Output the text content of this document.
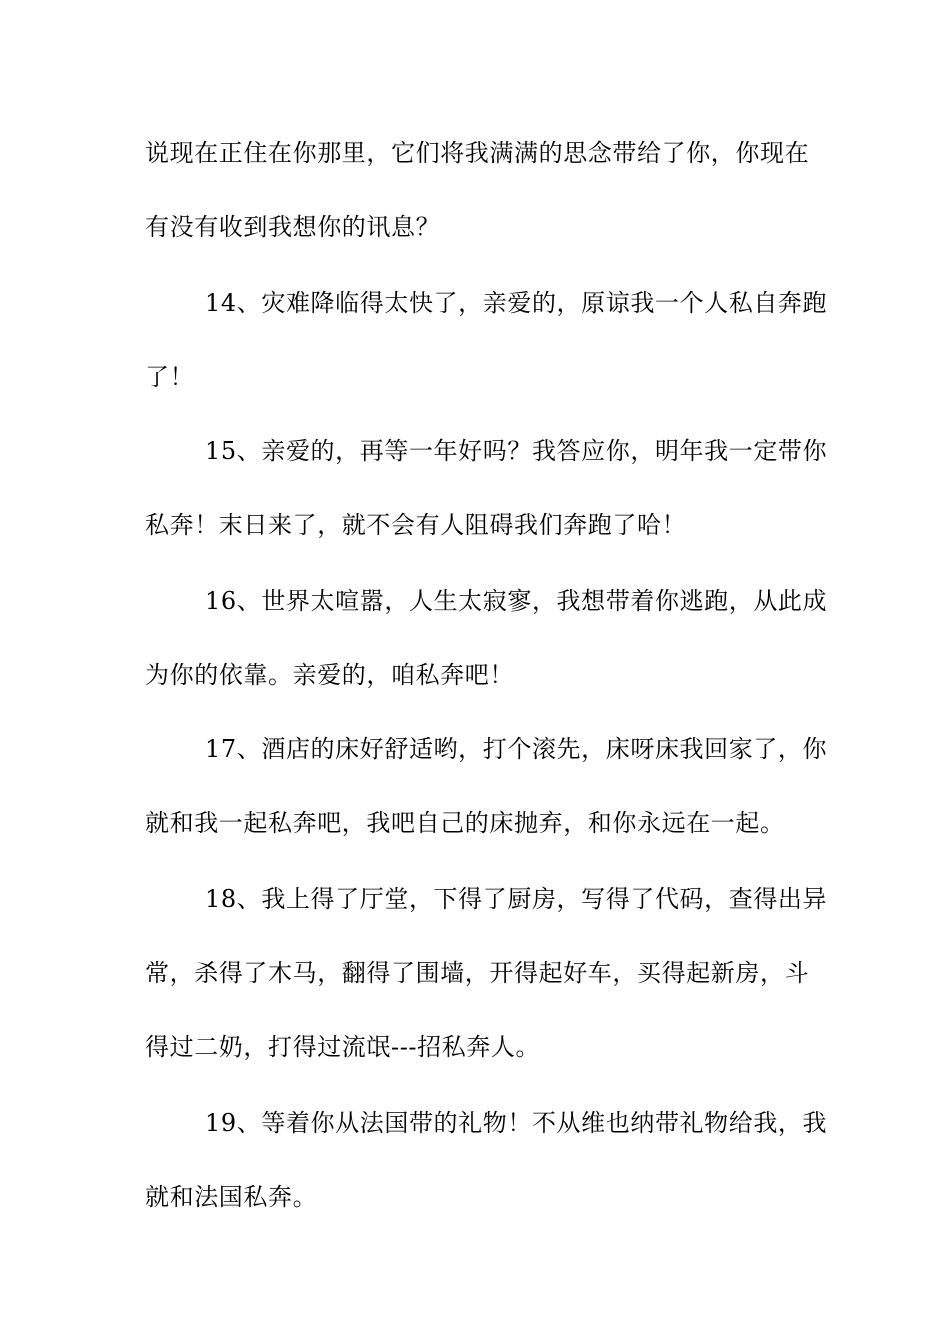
说现在正住在你那里，它们将我满满的思念带给了你，你现在
有没有收到我想你的讯息？
14、灾难降临得太快了，亲爱的，原谅我一个人私自奔跑
了！
15、亲爱的，再等一年好吗？我答应你，明年我一定带你
私奔！末日来了，就不会有人阻碍我们奔跑了哈！
16、世界太喧嚣，人生太寂寥，我想带着你逃跑，从此成
为你的依靠。亲爱的，咱私奔吧！
17、酒店的床好舒适哟，打个滚先，床呀床我回家了，你
就和我一起私奔吧，我吧自己的床抛弃，和你永远在一起。
18、我上得了厅堂，下得了厨房，写得了代码，查得出异
常，杀得了木马，翻得了围墙，开得起好车，买得起新房，斗
得过二奶，打得过流氓---招私奔人。
19、等着你从法国带的礼物！不从维也纳带礼物给我，我
就和法国私奔。
